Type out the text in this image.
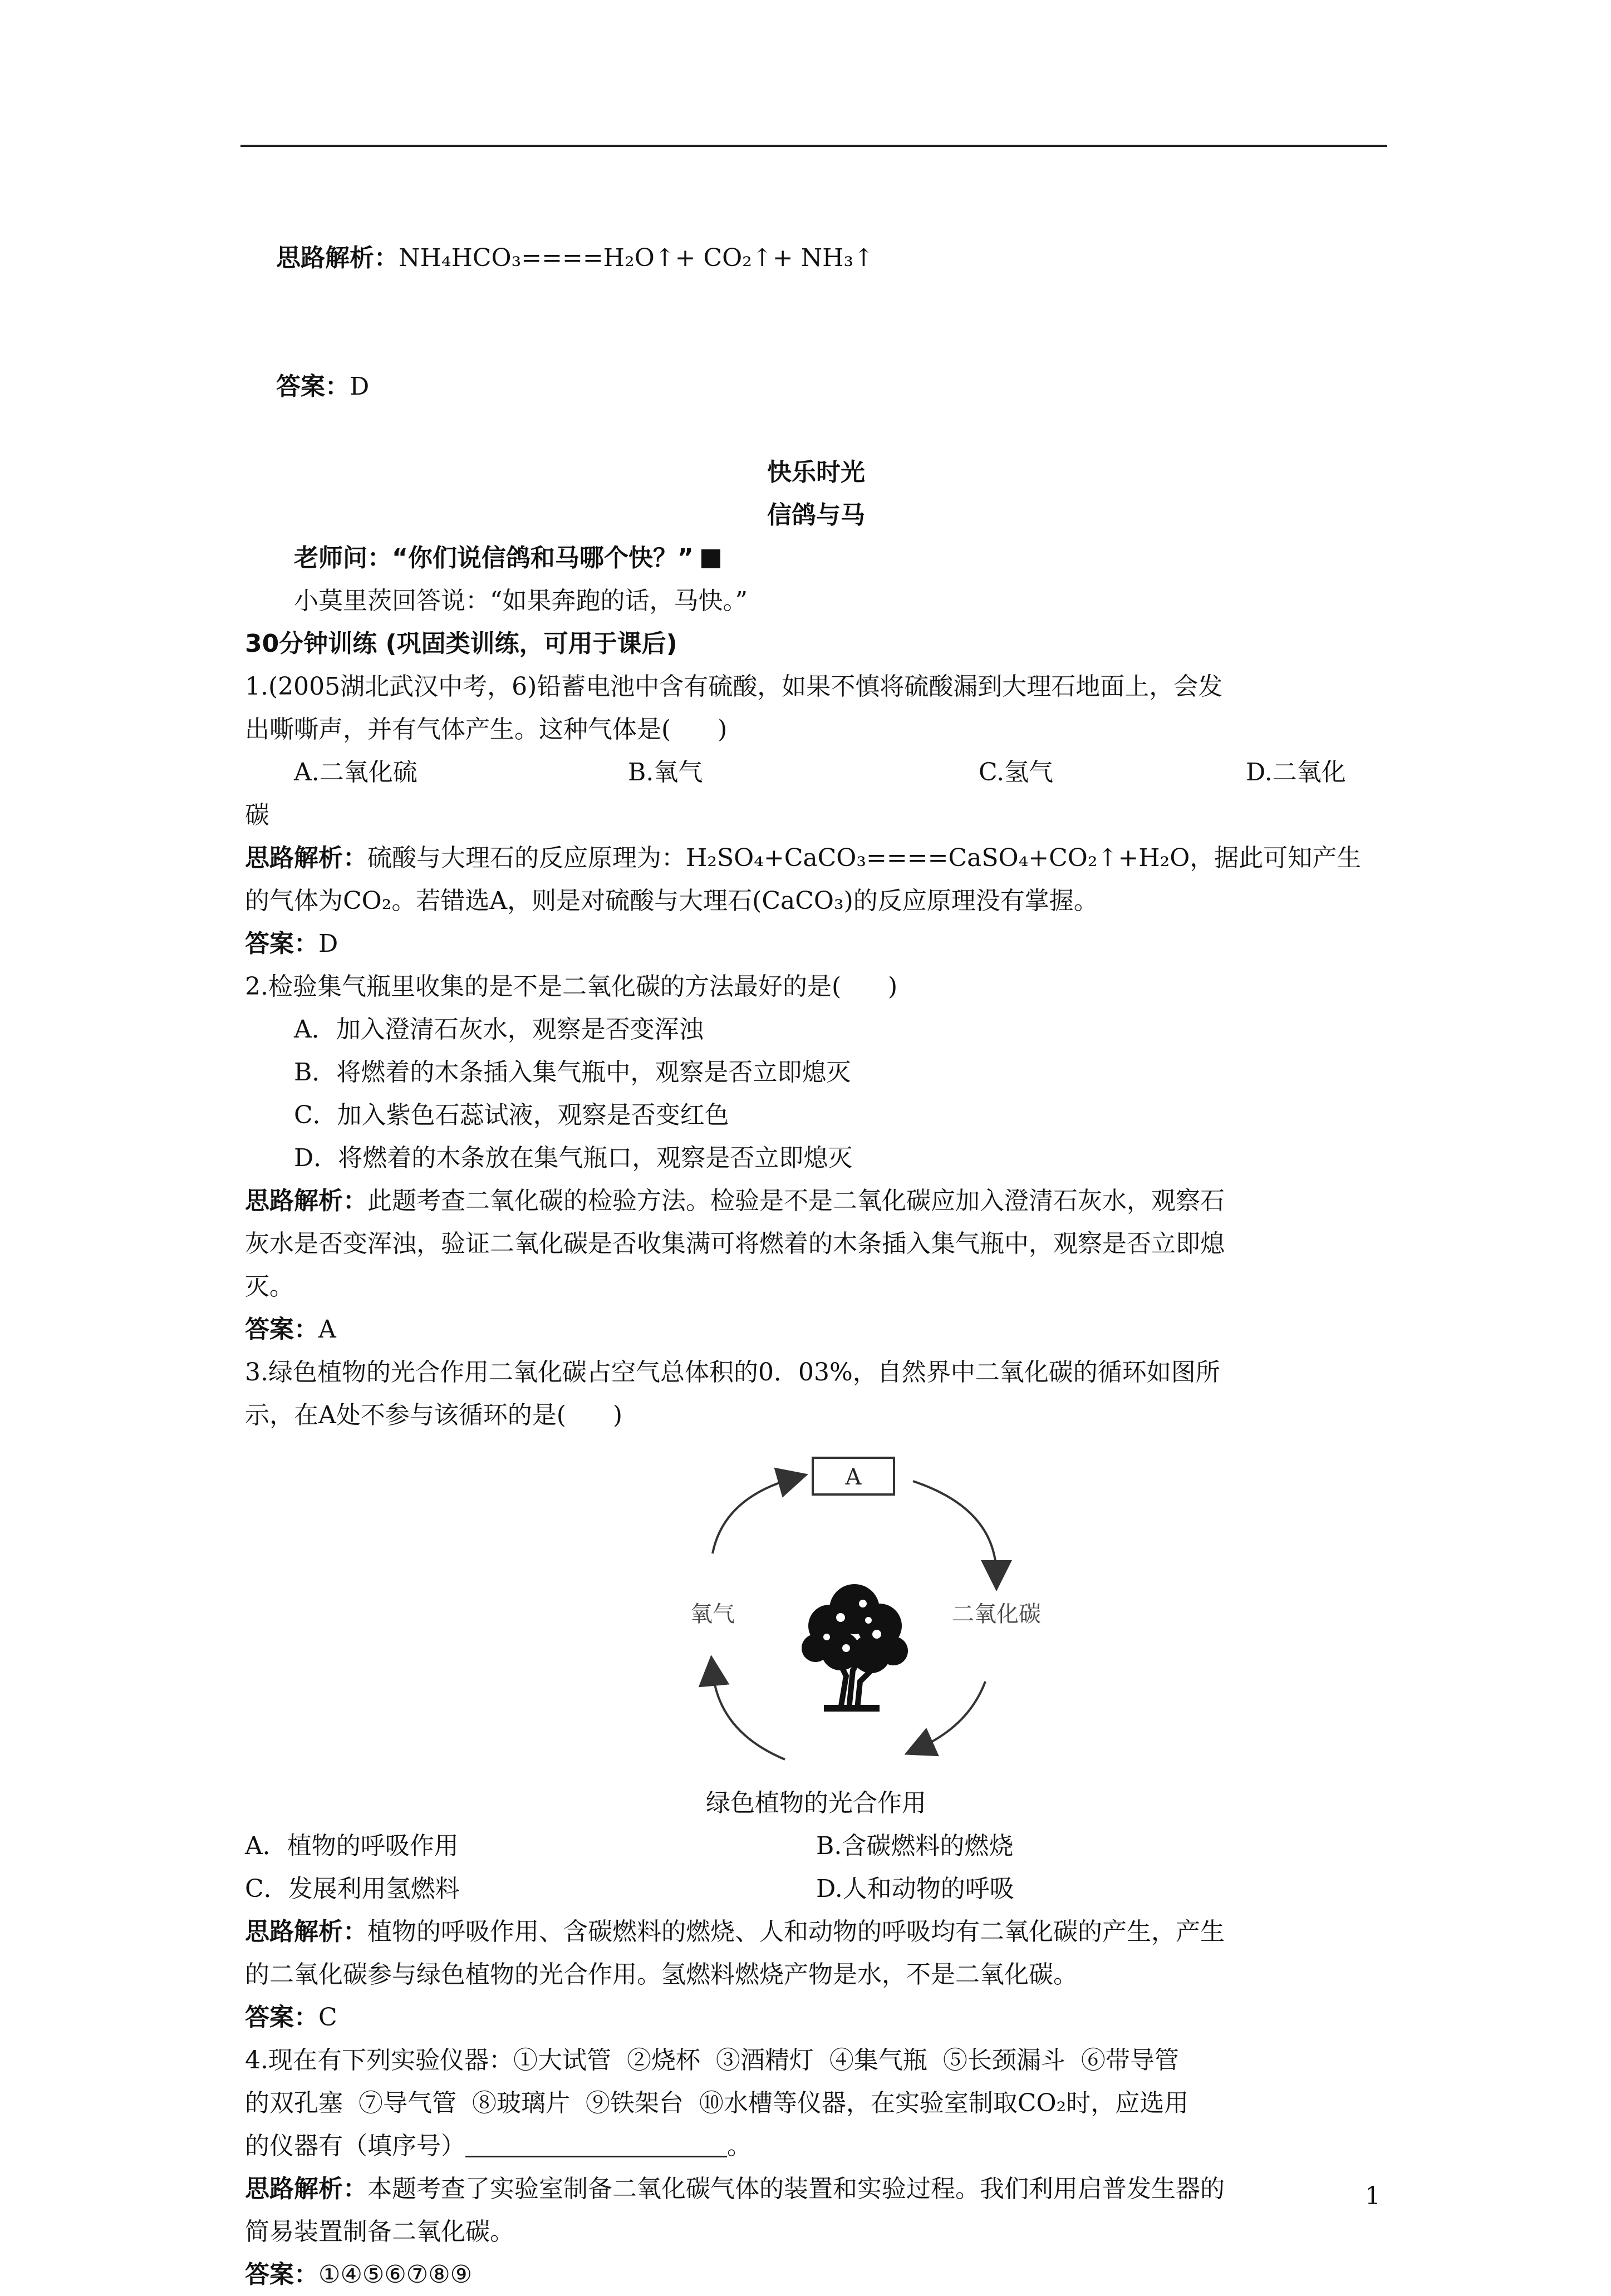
思路解析：NH₄HCO₃====H₂O↑+ CO₂↑+ NH₃↑

答案：D

快乐时光
信鸽与马
老师问：“你们说信鸽和马哪个快？”
小莫里茨回答说：“如果奔跑的话，马快。”
30分钟训练 (巩固类训练，可用于课后)
1.(2005湖北武汉中考，6)铅蓄电池中含有硫酸，如果不慎将硫酸漏到大理石地面上，会发
出嘶嘶声，并有气体产生。这种气体是(      )
A.二氧化硫	B.氧气	C.氢气	D.二氧化
碳
思路解析：硫酸与大理石的反应原理为：H₂SO₄+CaCO₃====CaSO₄+CO₂↑+H₂O，据此可知产生
的气体为CO₂。若错选A，则是对硫酸与大理石(CaCO₃)的反应原理没有掌握。
答案：D
2.检验集气瓶里收集的是不是二氧化碳的方法最好的是(      )
A．加入澄清石灰水，观察是否变浑浊
B．将燃着的木条插入集气瓶中，观察是否立即熄灭
C．加入紫色石蕊试液，观察是否变红色
D．将燃着的木条放在集气瓶口，观察是否立即熄灭
思路解析：此题考查二氧化碳的检验方法。检验是不是二氧化碳应加入澄清石灰水，观察石
灰水是否变浑浊，验证二氧化碳是否收集满可将燃着的木条插入集气瓶中，观察是否立即熄
灭。
答案：A
3.绿色植物的光合作用二氧化碳占空气总体积的0．03%，自然界中二氧化碳的循环如图所
示，在A处不参与该循环的是(      )
A
氧气	二氧化碳
绿色植物的光合作用
A．植物的呼吸作用	B.含碳燃料的燃烧
C．发展利用氢燃料	D.人和动物的呼吸
思路解析：植物的呼吸作用、含碳燃料的燃烧、人和动物的呼吸均有二氧化碳的产生，产生
的二氧化碳参与绿色植物的光合作用。氢燃料燃烧产物是水，不是二氧化碳。
答案：C
4.现在有下列实验仪器：①大试管  ②烧杯  ③酒精灯  ④集气瓶  ⑤长颈漏斗  ⑥带导管
的双孔塞  ⑦导气管  ⑧玻璃片  ⑨铁架台  ⑩水槽等仪器，在实验室制取CO₂时，应选用
的仪器有（填序号）	。
思路解析：本题考查了实验室制备二氧化碳气体的装置和实验过程。我们利用启普发生器的
简易装置制备二氧化碳。
答案：①④⑤⑥⑦⑧⑨
1
